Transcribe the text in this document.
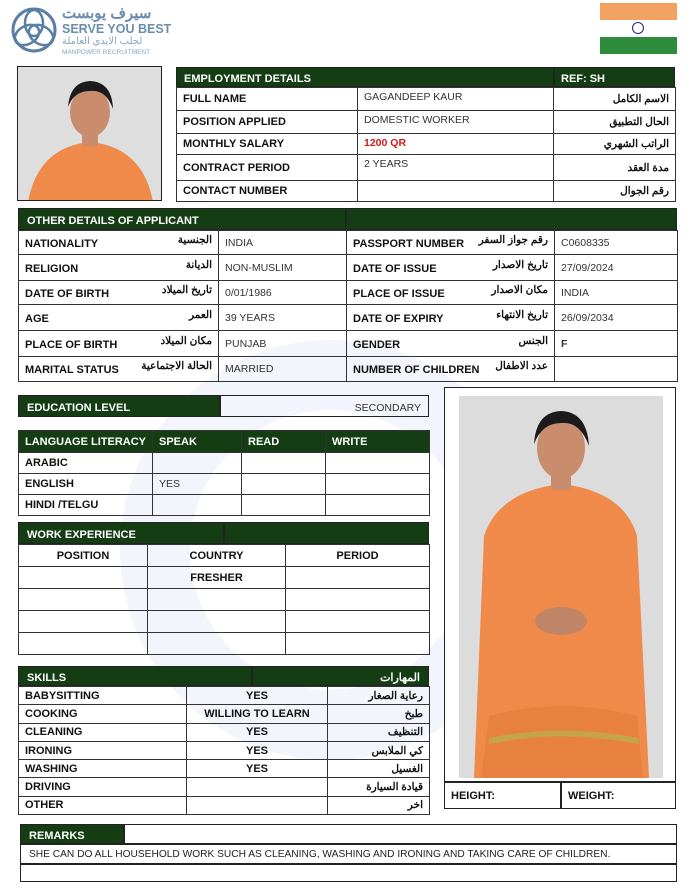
سيرف يوبست
SERVE YOU BEST
لجلب الايدي العاملة
MANPOWER RECRUITMENT
EMPLOYMENT DETAILS	REF: SH
FULL NAME	GAGANDEEP KAUR	الاسم الكامل
POSITION APPLIED	DOMESTIC WORKER	الحال التطبيق
MONTHLY SALARY	1200 QR	الراتب الشهري
CONTRACT PERIOD	2 YEARS	مدة العقد
CONTACT NUMBER		رقم الجوال
OTHER DETAILS OF APPLICANT
NATIONALITY الجنسية	INDIA	PASSPORT NUMBER رقم جواز السفر	C0608335
RELIGION الديانة	NON-MUSLIM	DATE OF ISSUE تاريخ الاصدار	27/09/2024
DATE OF BIRTH تاريخ الميلاد	0/01/1986	PLACE OF ISSUE مكان الاصدار	INDIA
AGE العمر	39 YEARS	DATE OF EXPIRY تاريخ الانتهاء	26/09/2034
PLACE OF BIRTH مكان الميلاد	PUNJAB	GENDER الجنس	F
MARITAL STATUS الحالة الاجتماعية	MARRIED	NUMBER OF CHILDREN عدد الاطفال	

EDUCATION LEVEL	SECONDARY
LANGUAGE LITERACY	SPEAK	READ	WRITE
ARABIC			
ENGLISH	YES		
HINDI /TELGU			
WORK EXPERIENCE
POSITION	COUNTRY	PERIOD
	FRESHER	

SKILLS	المهارات
BABYSITTING	YES	رعاية الصغار
COOKING	WILLING TO LEARN	طبخ
CLEANING	YES	التنظيف
IRONING	YES	كي الملابس
WASHING	YES	الغسيل
DRIVING		قيادة السيارة
OTHER		اخر
HEIGHT:	WEIGHT:
REMARKS
SHE CAN DO ALL HOUSEHOLD WORK SUCH AS CLEANING, WASHING AND IRONING AND TAKING CARE OF CHILDREN.
